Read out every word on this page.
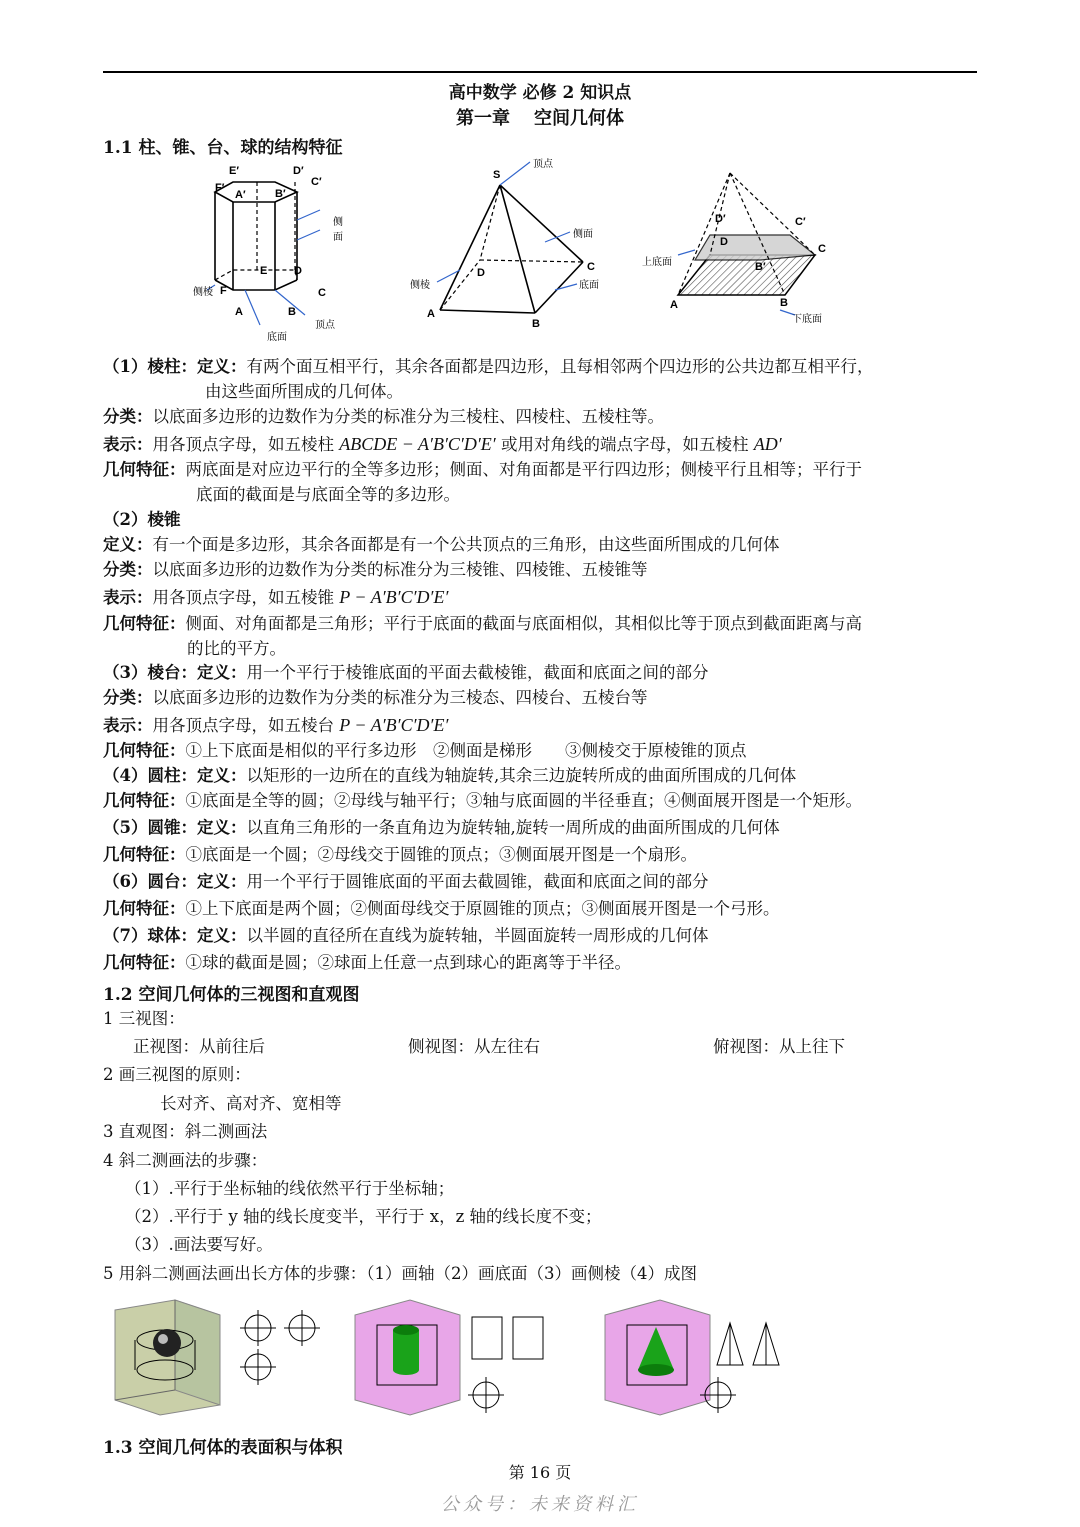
高中数学 必修 2 知识点
第一章 空间几何体
1.1 柱、锥、台、球的结构特征
E′	D′
F′
A′	B′
C′
侧
面
E D
侧棱 F	C
A	B
顶点
底面
S
顶点
侧面
D	C
侧棱	底面
A
B
D′	C′
D
C
上底面	B′
A	B
下底面
（1）棱柱：定义：有两个面互相平行，其余各面都是四边形，且每相邻两个四边形的公共边都互相平行，
由这些面所围成的几何体。
分类：以底面多边形的边数作为分类的标准分为三棱柱、四棱柱、五棱柱等。
表示：用各顶点字母，如五棱柱 ABCDE − A′B′C′D′E′ 或用对角线的端点字母，如五棱柱 AD′
几何特征：两底面是对应边平行的全等多边形；侧面、对角面都是平行四边形；侧棱平行且相等；平行于
底面的截面是与底面全等的多边形。
（2）棱锥
定义：有一个面是多边形，其余各面都是有一个公共顶点的三角形，由这些面所围成的几何体
分类：以底面多边形的边数作为分类的标准分为三棱锥、四棱锥、五棱锥等
表示：用各顶点字母，如五棱锥 P − A′B′C′D′E′
几何特征：侧面、对角面都是三角形；平行于底面的截面与底面相似，其相似比等于顶点到截面距离与高
的比的平方。
（3）棱台：定义：用一个平行于棱锥底面的平面去截棱锥，截面和底面之间的部分
分类：以底面多边形的边数作为分类的标准分为三棱态、四棱台、五棱台等
表示：用各顶点字母，如五棱台 P − A′B′C′D′E′
几何特征：①上下底面是相似的平行多边形　②侧面是梯形　　③侧棱交于原棱锥的顶点
（4）圆柱：定义：以矩形的一边所在的直线为轴旋转,其余三边旋转所成的曲面所围成的几何体
几何特征：①底面是全等的圆；②母线与轴平行；③轴与底面圆的半径垂直；④侧面展开图是一个矩形。
（5）圆锥：定义：以直角三角形的一条直角边为旋转轴,旋转一周所成的曲面所围成的几何体
几何特征：①底面是一个圆；②母线交于圆锥的顶点；③侧面展开图是一个扇形。
（6）圆台：定义：用一个平行于圆锥底面的平面去截圆锥，截面和底面之间的部分
几何特征：①上下底面是两个圆；②侧面母线交于原圆锥的顶点；③侧面展开图是一个弓形。
（7）球体：定义：以半圆的直径所在直线为旋转轴，半圆面旋转一周形成的几何体
几何特征：①球的截面是圆；②球面上任意一点到球心的距离等于半径。
1.2 空间几何体的三视图和直观图
1 三视图：
正视图：从前往后	侧视图：从左往右	俯视图：从上往下
2 画三视图的原则：
长对齐、高对齐、宽相等
3 直观图：斜二测画法
4 斜二测画法的步骤：
（1）.平行于坐标轴的线依然平行于坐标轴；
（2）.平行于 y 轴的线长度变半，平行于 x，z 轴的线长度不变；
（3）.画法要写好。
5 用斜二测画法画出长方体的步骤：（1）画轴（2）画底面（3）画侧棱（4）成图
1.3 空间几何体的表面积与体积
第 16 页
公众号：未来资料汇
